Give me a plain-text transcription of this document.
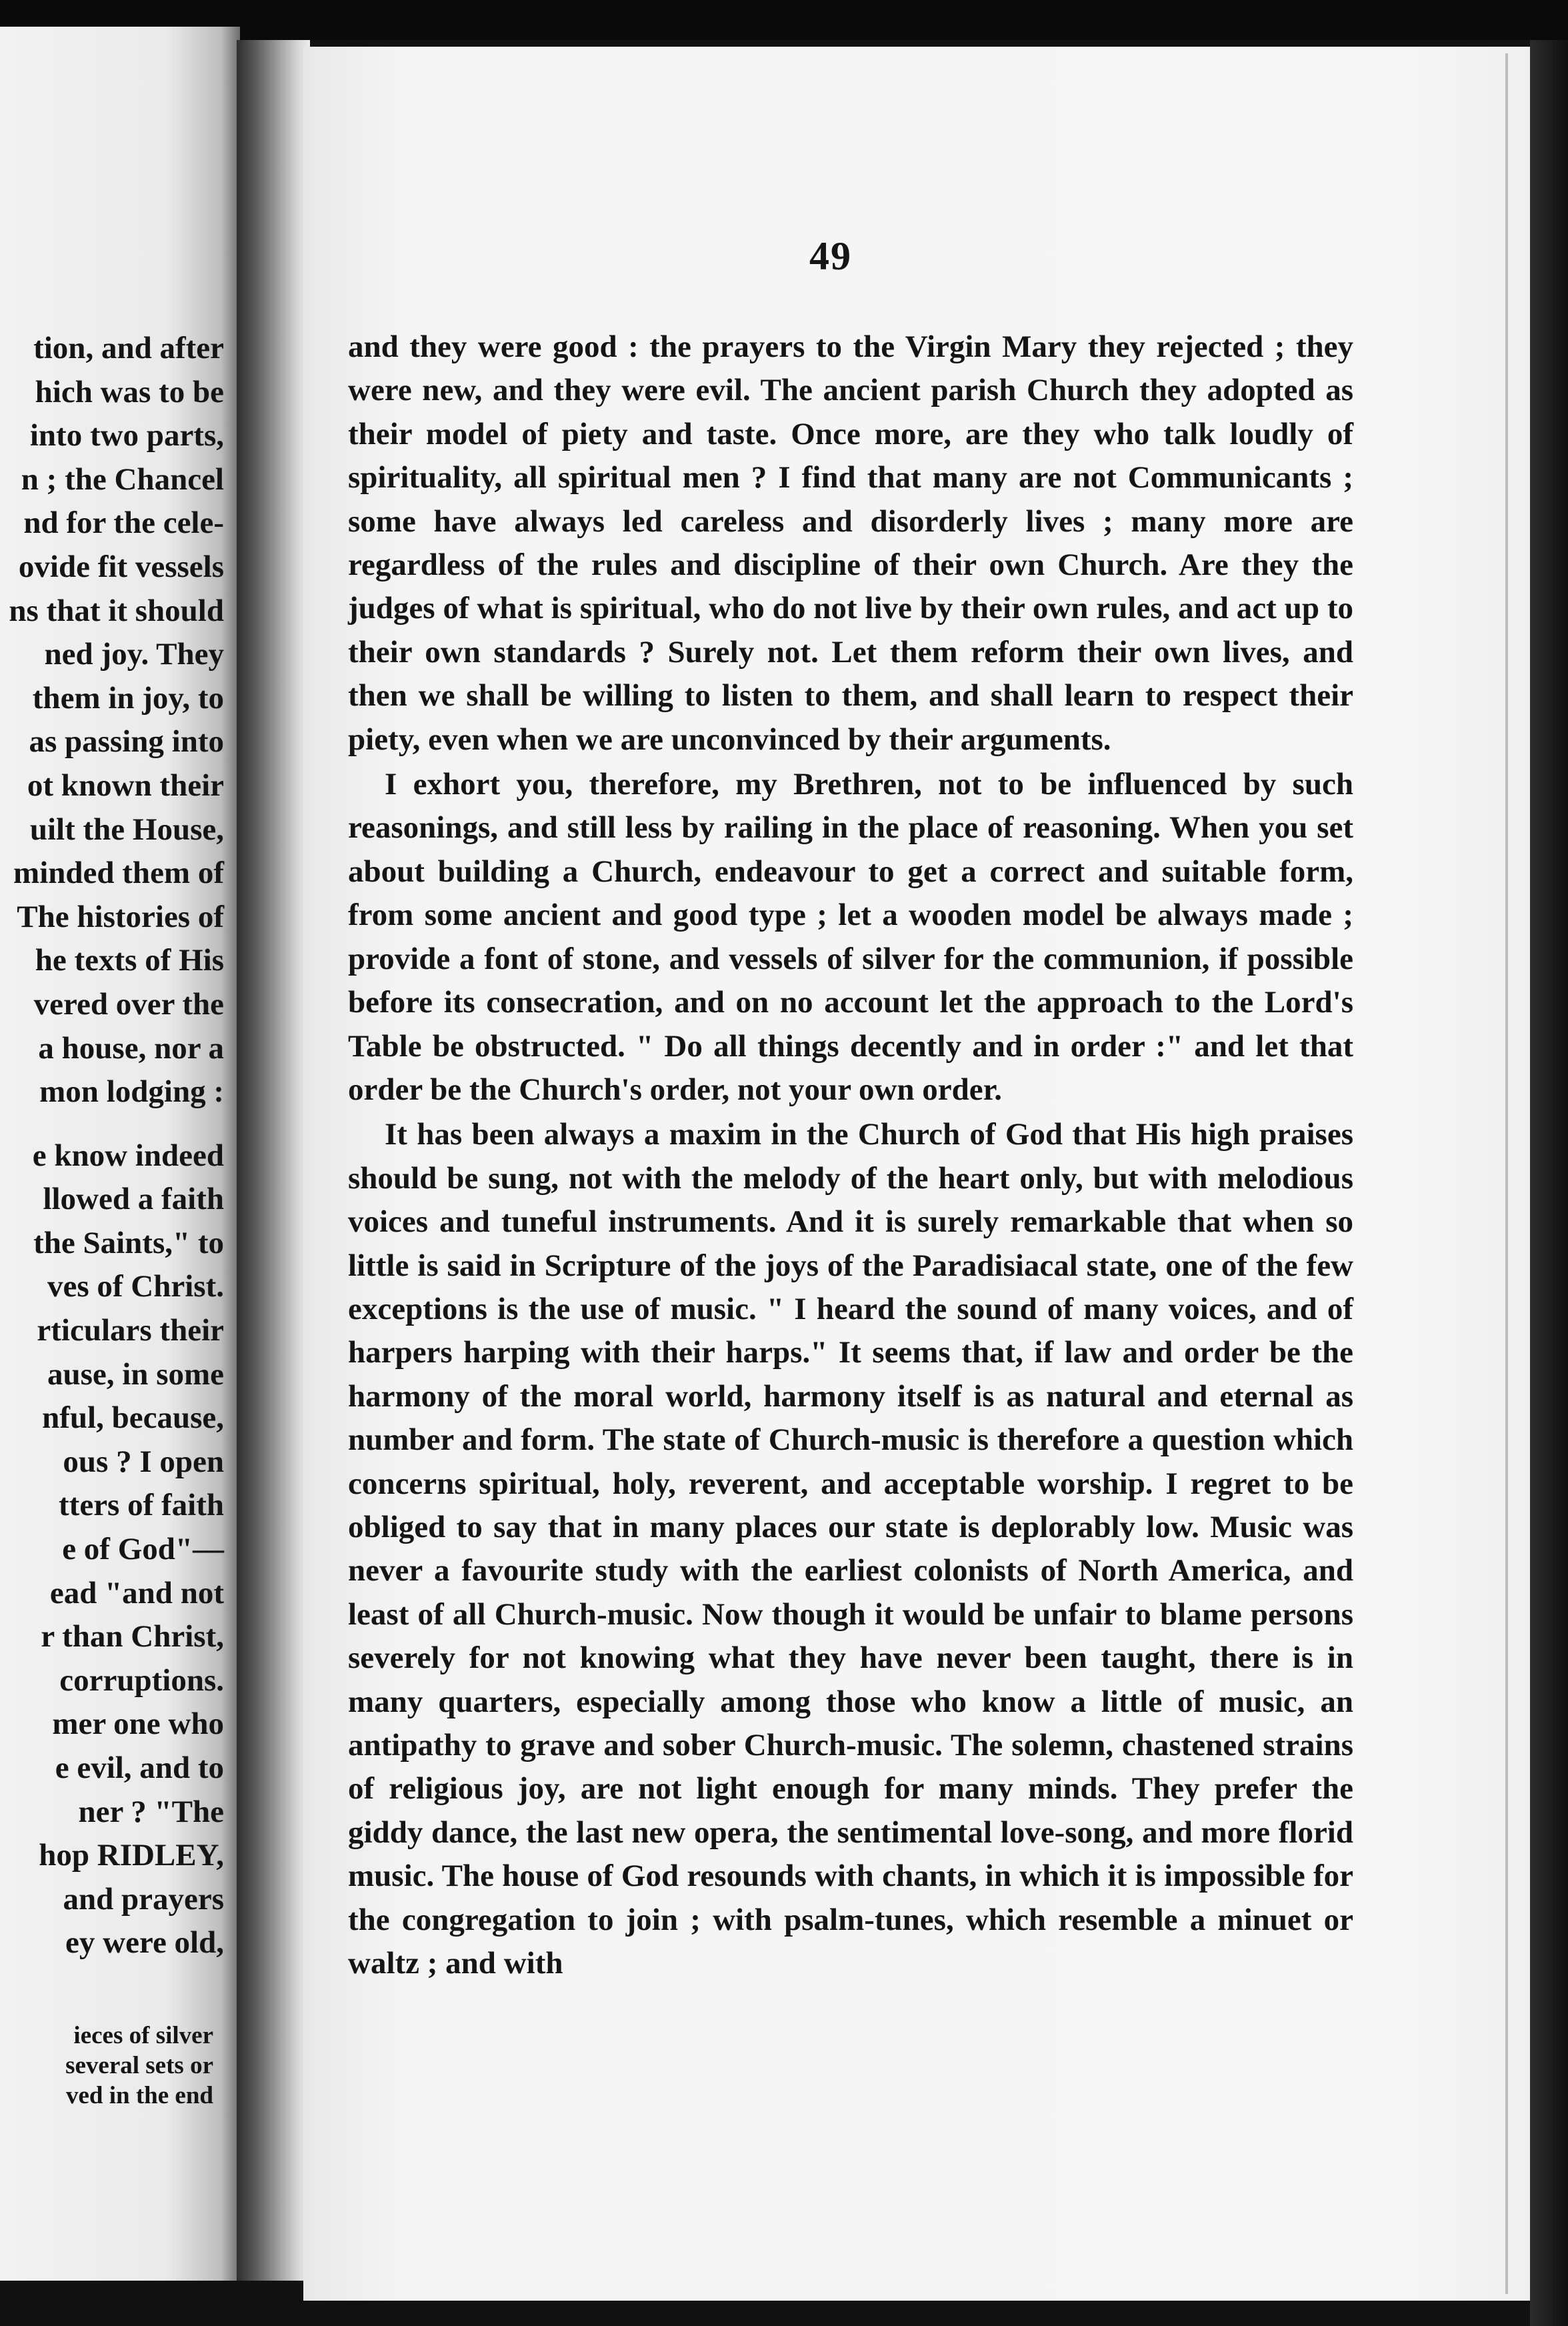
tion, and after
hich was to be
into two parts,
n ; the Chancel
nd for the cele-
ovide fit vessels
ns that it should
ned joy. They
them in joy, to
as passing into
ot known their
uilt the House,
minded them of
The histories of
he texts of His
vered over the
a house, nor a
mon lodging :
e know indeed
llowed a faith
the Saints," to
ves of Christ.
rticulars their
ause, in some
nful, because,
ous ? I open
tters of faith
e of God"—
ead "and not
r than Christ,
corruptions.
mer one who
e evil, and to
ner ? "The
hop RIDLEY,
and prayers
ey were old,
ieces of silver
several sets or
ved in the end
49

and they were good : the prayers to the Virgin Mary they rejected ; they were new, and they were evil. The ancient parish Church they adopted as their model of piety and taste. Once more, are they who talk loudly of spirituality, all spiritual men ? I find that many are not Communicants ; some have always led careless and disorderly lives ; many more are regardless of the rules and discipline of their own Church. Are they the judges of what is spiritual, who do not live by their own rules, and act up to their own standards ? Surely not. Let them reform their own lives, and then we shall be willing to listen to them, and shall learn to respect their piety, even when we are unconvinced by their arguments.

I exhort you, therefore, my Brethren, not to be influenced by such reasonings, and still less by railing in the place of reasoning. When you set about building a Church, endeavour to get a correct and suitable form, from some ancient and good type ; let a wooden model be always made ; provide a font of stone, and vessels of silver for the communion, if possible before its consecration, and on no account let the approach to the Lord's Table be obstructed. " Do all things decently and in order :" and let that order be the Church's order, not your own order.

It has been always a maxim in the Church of God that His high praises should be sung, not with the melody of the heart only, but with melodious voices and tuneful instruments. And it is surely remarkable that when so little is said in Scripture of the joys of the Paradisiacal state, one of the few exceptions is the use of music. " I heard the sound of many voices, and of harpers harping with their harps." It seems that, if law and order be the harmony of the moral world, harmony itself is as natural and eternal as number and form. The state of Church-music is therefore a question which concerns spiritual, holy, reverent, and acceptable worship. I regret to be obliged to say that in many places our state is deplorably low. Music was never a favourite study with the earliest colonists of North America, and least of all Church-music. Now though it would be unfair to blame persons severely for not knowing what they have never been taught, there is in many quarters, especially among those who know a little of music, an antipathy to grave and sober Church-music. The solemn, chastened strains of religious joy, are not light enough for many minds. They prefer the giddy dance, the last new opera, the sentimental love-song, and more florid music. The house of God resounds with chants, in which it is impossible for the congregation to join ; with psalm-tunes, which resemble a minuet or waltz ; and with
